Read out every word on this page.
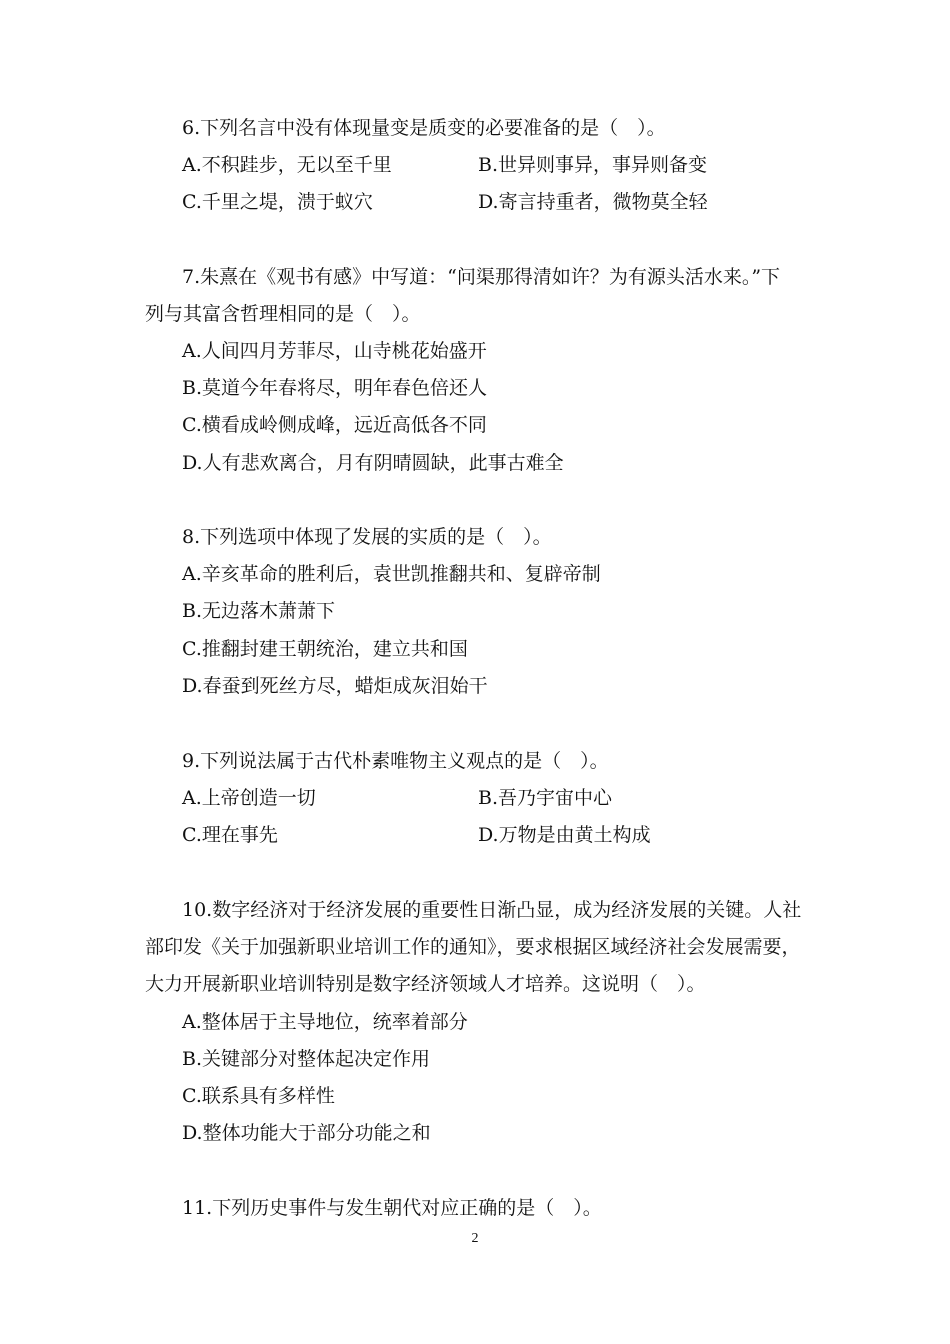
6.下列名言中没有体现量变是质变的必要准备的是（　）。
A.不积跬步，无以至千里	B.世异则事异，事异则备变
C.千里之堤，溃于蚁穴	D.寄言持重者，微物莫全轻
7.朱熹在《观书有感》中写道：“问渠那得清如许？为有源头活水来。”下
列与其富含哲理相同的是（　）。
A.人间四月芳菲尽，山寺桃花始盛开
B.莫道今年春将尽，明年春色倍还人
C.横看成岭侧成峰，远近高低各不同
D.人有悲欢离合，月有阴晴圆缺，此事古难全
8.下列选项中体现了发展的实质的是（　）。
A.辛亥革命的胜利后，袁世凯推翻共和、复辟帝制
B.无边落木萧萧下
C.推翻封建王朝统治，建立共和国
D.春蚕到死丝方尽，蜡炬成灰泪始干
9.下列说法属于古代朴素唯物主义观点的是（　）。
A.上帝创造一切	B.吾乃宇宙中心
C.理在事先	D.万物是由黄土构成
10.数字经济对于经济发展的重要性日渐凸显，成为经济发展的关键。人社
部印发《关于加强新职业培训工作的通知》，要求根据区域经济社会发展需要，
大力开展新职业培训特别是数字经济领域人才培养。这说明（　）。
A.整体居于主导地位，统率着部分
B.关键部分对整体起决定作用
C.联系具有多样性
D.整体功能大于部分功能之和
11.下列历史事件与发生朝代对应正确的是（　）。
2
